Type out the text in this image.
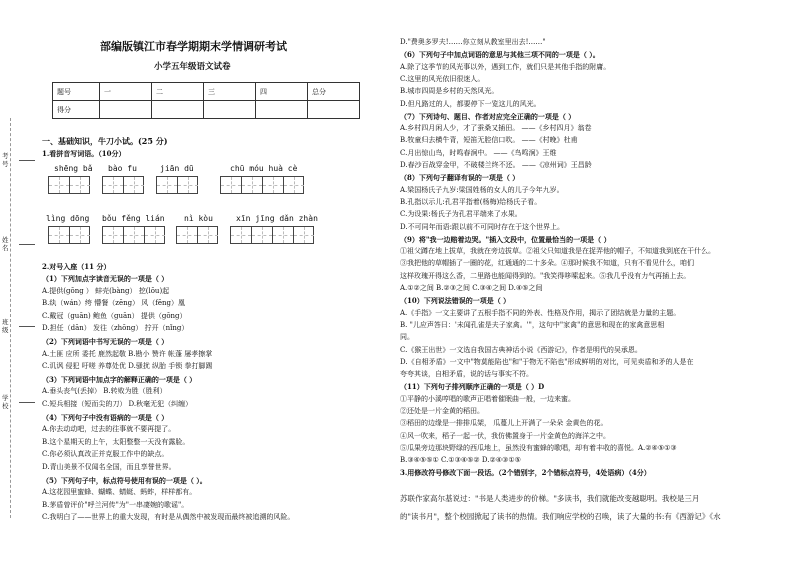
考号
姓名
班级
学校
部编版镇江市春学期期末学情调研考试
小学五年级语文试卷
题号	一	二	三	四	总分
得分					
一、基础知识，牛刀小试。(25 分)
1.看拼音写词语。（10分）
shēng bǎ bào fu	jiān dū	chū móu huà cè
lìng dōng bǒu fěng lián nì kòu	xīn jīng dǎn zhàn
2.对号入座（11 分）
（1）下列加点字读音无误的一项是（ ）
A.提供(gōng ） 蚌壳(bàng） 挖(lōu)起
B.纨（wán）绔 懵餐（zēng） 风（fēng）凰
C.戴冠（guān) 鲍鱼（guān） 提供（gōng）
D.担任（dān） 发往（zhōng） 拧开（nǐng）
（2）下列词语中书写无误的一项是（ ）
A.土匪 应所 委托 鹿然起敬 B.勘小 赞许 帐蓬 屡孝擦掌
C.讥讽 侵犯 吁嗟 养尊处优 D.骚扰 纵胎 手锁 拳打脚踢
（3）下列词语中加点字的解释正确的一项是（ ）
A.垂头丧气(丢掉） B.转败为胜（胜利）
C.短兵相接（短而尖的刀） D.秋毫无犯（纠缠）
（4）下列句子中没有语病的一项是（ ）
A.你去动动吧，过去的往事就不要再提了。
B.这个星期天的上午，太阳整整一天没有露脸。
C.你必须认真改正并克服工作中的缺点。
D.青山美景不仅闻名全国，而且享誉世界。
（5）下列句子中，标点符号使用有误的一项是（ ）。
A.这花园里蜜蜂、蝴蝶、蜻蜓、蚂蚱，样样都有。
B.茅盾曾评价"呼兰河传"为"一串凄婉的歌谣"。
C.我明白了——世界上的重大发现，有时是从偶然中被发现而最终被追溯的风险。
D."费奥多罗夫!……你立刻从教室里出去!……"
（6）下列句子中加点词语的意思与其他三项不同的一项是（ ）。
A.除了这季节的风光事以外，遇到工作，就们只是其他手指的附庸。
C.这里的风光依旧很迷人。
B.城市四周是乡村的天然风光。
D.但凡路过的人，都要停下一览这儿的风光。
（7）下列诗句、题目、作者对应完全正确的一项是（ ）
A.乡村四月闲人少，才了蚕桑又插田。 ——《乡村四月》翁卷
B.牧童归去横牛背，短笛无腔信口吹。 ——《村晚》杜甫
C.月出惊山鸟，时鸣春涧中。 ——《鸟鸣涧》王维
D.春沙百战穿金甲，不破楼兰终不还。 ——《凉州词》王昌龄
（8）下列句子翻译有误的一项是（ ）
A.梁国杨氏子九岁:梁国姓杨的女人的儿子今年九岁。
B.孔指以示儿:孔君平指着(杨梅)给杨氏子看。
C.为设果:杨氏子为孔君平端来了水果。
D.不可同年而语:跟以前不可同时存在于这个世界上。
（9）将"我一边赔着边哭。"插入文段中，位置最恰当的一项是（ ）
①祖父蹲在地上拔草，我就在旁边拔草。②祖父只知道我是在捉弄他的帽子，不知道我到底在干什么。
③我把他的草帽插了一圈的花，红通通的二十多朵。④那时候我不知道，只有不看见什么，咱们
这样玫瑰开得这么香，二里路也能闻得到的。"我笑得哆嗦起来。⑤我几乎没有力气再插上去。
A.①②之间 B.②③之间 C.③④之间 D.④⑤之间
（10）下列说法错误的一项是（ ）
A.《手指》一文主要讲了五根手指不同的外表、性格及作用，揭示了团结就是力量的主题。
B. "儿应声答曰：'未闻孔雀是夫子家禽。'"，这句中"家禽"的意思和现在的家禽意思相
同。
C.《猴王出世》一文选自我国古典神话小说《西游记》，作者是明代的吴承恩。
D.《自相矛盾》一文中"物莫能陷也"和"于物无不陷也"形成鲜明的对比，可见卖盾和矛的人是在
夸夸其谈，自相矛盾，说的话与事实不符。
（11）下列句子排列顺序正确的一项是（ ）D
①平静的小溪哼唱的歌声正唱着催眠曲一般，一边来蜜。
②还处是一片金黄的稻田。
③稻田的边缘是一排排瓜架， 瓜蔓儿上开满了一朵朵 金黄色的花。
④风一吹来，稻子一起一伏，我仿佛置身于一片金黄色的海洋之中。
⑤瓜果旁边那块野绿的西瓜地上，虽然没有蜜蜂的歌唱，却有着丰收的喜悦。A.②④⑤①③
B.③④⑤⑤① C.①③④⑤② D.②④③①⑤
3.用修改符号修改下面一段话。（2个错别字，2个错标点符号，4处语病）（4分）
苏联作家高尔基说过："书是人类进步的价梯。"多读书，我们就能改变越聪明。我校是三月
的"读书月"，整个校园掀起了读书的热情。我们响应学校的召唤，读了大量的书:有《西游记》《水
